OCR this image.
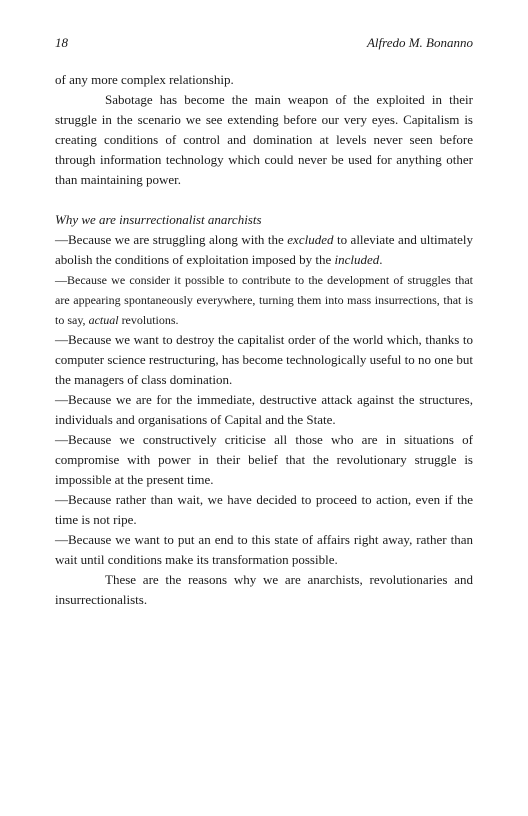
18	Alfredo M. Bonanno

of any more complex relationship.

Sabotage has become the main weapon of the exploited in their struggle in the scenario we see extending before our very eyes. Capitalism is creating conditions of control and domination at levels never seen before through information technology which could never be used for anything other than maintaining power.

Why we are insurrectionalist anarchists

—Because we are struggling along with the excluded to alleviate and ultimately abolish the conditions of exploitation imposed by the included.

—Because we consider it possible to contribute to the development of struggles that are appearing spontaneously everywhere, turning them into mass insurrections, that is to say, actual revolutions.

—Because we want to destroy the capitalist order of the world which, thanks to computer science restructuring, has become technologically useful to no one but the managers of class domination.

—Because we are for the immediate, destructive attack against the structures, individuals and organisations of Capital and the State.

—Because we constructively criticise all those who are in situations of compromise with power in their belief that the revolutionary struggle is impossible at the present time.

—Because rather than wait, we have decided to proceed to action, even if the time is not ripe.

—Because we want to put an end to this state of affairs right away, rather than wait until conditions make its transformation possible.

These are the reasons why we are anarchists, revolutionaries and insurrectionalists.
